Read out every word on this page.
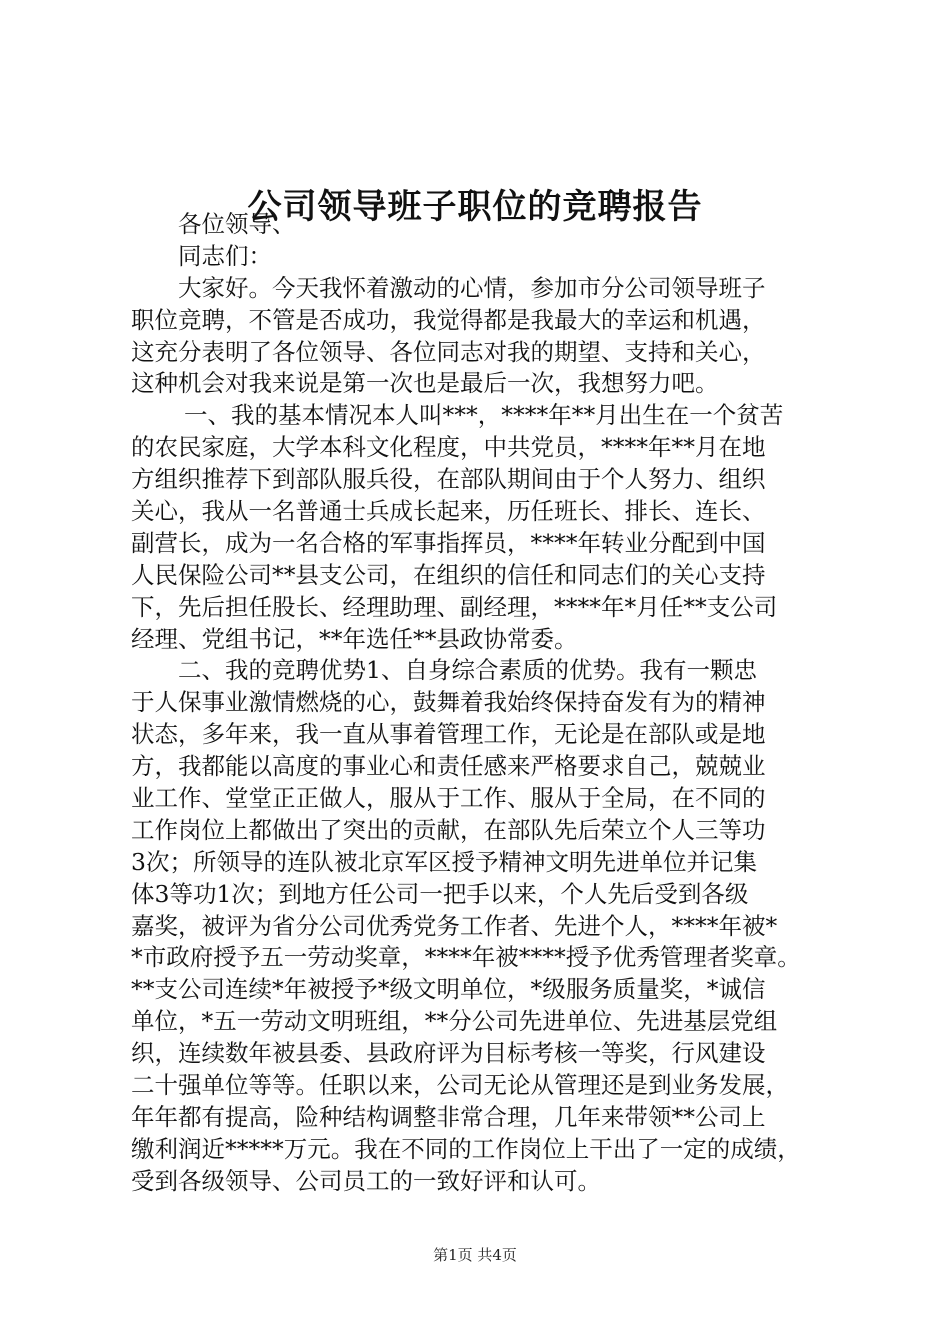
公司领导班子职位的竞聘报告
各位领导、
同志们：
大家好。今天我怀着激动的心情，参加市分公司领导班子
职位竞聘，不管是否成功，我觉得都是我最大的幸运和机遇，
这充分表明了各位领导、各位同志对我的期望、支持和关心，
这种机会对我来说是第一次也是最后一次，我想努力吧。
一、我的基本情况本人叫***，****年**月出生在一个贫苦
的农民家庭，大学本科文化程度，中共党员，****年**月在地
方组织推荐下到部队服兵役，在部队期间由于个人努力、组织
关心，我从一名普通士兵成长起来，历任班长、排长、连长、
副营长，成为一名合格的军事指挥员，****年转业分配到中国
人民保险公司**县支公司，在组织的信任和同志们的关心支持
下，先后担任股长、经理助理、副经理，****年*月任**支公司
经理、党组书记，**年选任**县政协常委。
二、我的竞聘优势1、自身综合素质的优势。我有一颗忠
于人保事业激情燃烧的心，鼓舞着我始终保持奋发有为的精神
状态，多年来，我一直从事着管理工作，无论是在部队或是地
方，我都能以高度的事业心和责任感来严格要求自己，兢兢业
业工作、堂堂正正做人，服从于工作、服从于全局，在不同的
工作岗位上都做出了突出的贡献，在部队先后荣立个人三等功
3次；所领导的连队被北京军区授予精神文明先进单位并记集
体3等功1次；到地方任公司一把手以来，个人先后受到各级
嘉奖，被评为省分公司优秀党务工作者、先进个人，****年被*
*市政府授予五一劳动奖章，****年被****授予优秀管理者奖章。
**支公司连续*年被授予*级文明单位，*级服务质量奖，*诚信
单位，*五一劳动文明班组，**分公司先进单位、先进基层党组
织，连续数年被县委、县政府评为目标考核一等奖，行风建设
二十强单位等等。任职以来，公司无论从管理还是到业务发展，
年年都有提高，险种结构调整非常合理，几年来带领**公司上
缴利润近*****万元。我在不同的工作岗位上干出了一定的成绩，
受到各级领导、公司员工的一致好评和认可。
第1页 共4页
